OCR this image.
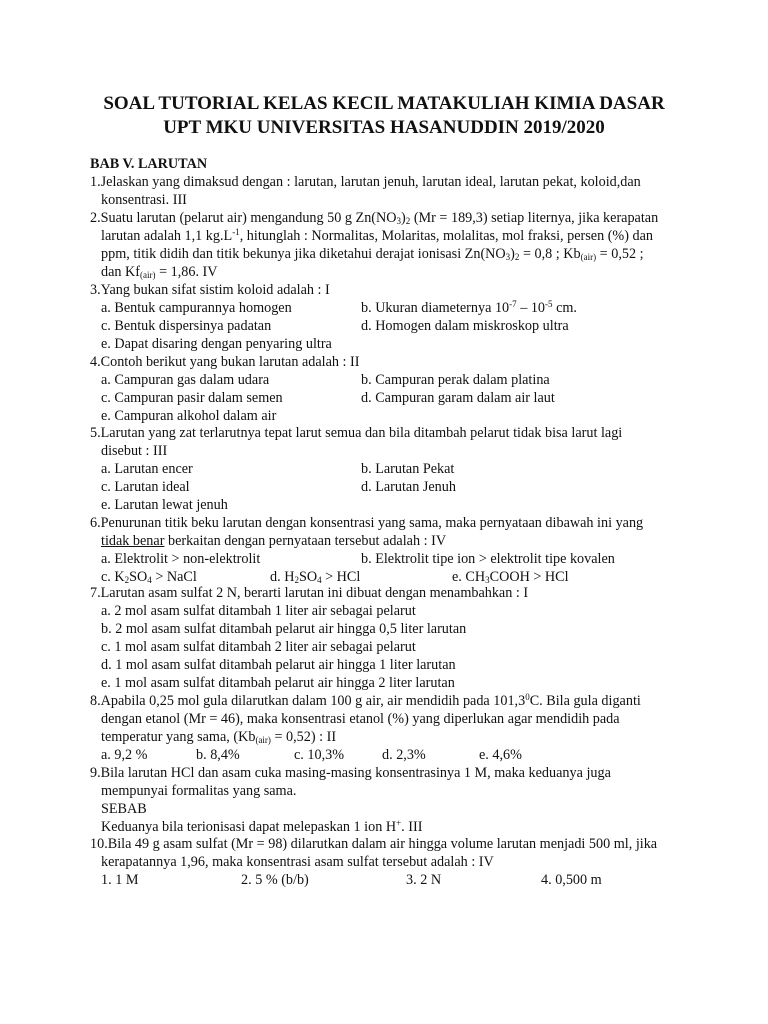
SOAL TUTORIAL KELAS KECIL MATAKULIAH KIMIA DASAR
UPT MKU UNIVERSITAS HASANUDDIN 2019/2020
BAB V. LARUTAN
1.Jelaskan yang dimaksud dengan : larutan, larutan jenuh, larutan ideal, larutan pekat, koloid,dan
konsentrasi. III
2.Suatu larutan (pelarut air) mengandung 50 g $Zn(NO_3)_2$ (Mr = 189,3) setiap liternya, jika kerapatan
larutan adalah 1,1 $kg.L^{-1}$, hitunglah : Normalitas, Molaritas, molalitas, mol fraksi, persen (%) dan
ppm, titik didih dan titik bekunya jika diketahui derajat ionisasi $Zn(NO_3)_2 = 0,8$ ; $Kb_{(air)} = 0,52$ ;
dan $Kf_{(air)} = 1,86$. IV
3.Yang bukan sifat sistim koloid adalah : I
a. Bentuk campurannya homogen	b. Ukuran diameternya $10^{-7} - 10^{-5}$ cm.
c. Bentuk dispersinya padatan	d. Homogen dalam miskroskop ultra
e. Dapat disaring dengan penyaring ultra
4.Contoh berikut yang bukan larutan adalah : II
a. Campuran gas dalam udara	b. Campuran perak dalam platina
c. Campuran pasir dalam semen	d. Campuran garam dalam air laut
e. Campuran alkohol dalam air
5.Larutan yang zat terlarutnya tepat larut semua dan bila ditambah pelarut tidak bisa larut lagi
disebut : III
a. Larutan encer	b. Larutan Pekat
c. Larutan ideal	d. Larutan Jenuh
e. Larutan lewat jenuh
6.Penurunan titik beku larutan dengan konsentrasi yang sama, maka pernyataan dibawah ini yang
tidak benar berkaitan dengan pernyataan tersebut adalah : IV
a. Elektrolit > non-elektrolit	b. Elektrolit tipe ion > elektrolit tipe kovalen
c. $K_2SO_4$ > NaCl	d. $H_2SO_4$ > HCl	e. $CH_3COOH$ > HCl
7.Larutan asam sulfat 2 N, berarti larutan ini dibuat dengan menambahkan : I
a. 2 mol asam sulfat ditambah 1 liter air sebagai pelarut
b. 2 mol asam sulfat ditambah pelarut air hingga 0,5 liter larutan
c. 1 mol asam sulfat ditambah 2 liter air sebagai pelarut
d. 1 mol asam sulfat ditambah pelarut air hingga 1 liter larutan
e. 1 mol asam sulfat ditambah pelarut air hingga 2 liter larutan
8.Apabila 0,25 mol gula dilarutkan dalam 100 g air, air mendidih pada 101,3$^0$C. Bila gula diganti
dengan etanol (Mr = 46), maka konsentrasi etanol (%) yang diperlukan agar mendidih pada
temperatur yang sama, $(Kb_{(air)} = 0,52)$ : II
a. 9,2 %	b. 8,4%	c. 10,3%	d. 2,3%	e. 4,6%
9.Bila larutan HCl dan asam cuka masing-masing konsentrasinya 1 M, maka keduanya juga
mempunyai formalitas yang sama.
SEBAB
Keduanya bila terionisasi dapat melepaskan 1 ion H+. III
10.Bila 49 g asam sulfat (Mr = 98) dilarutkan dalam air hingga volume larutan menjadi 500 ml, jika
kerapatannya 1,96, maka konsentrasi asam sulfat tersebut adalah : IV
1. 1 M	2. 5 % (b/b)	3. 2 N	4. 0,500 m
